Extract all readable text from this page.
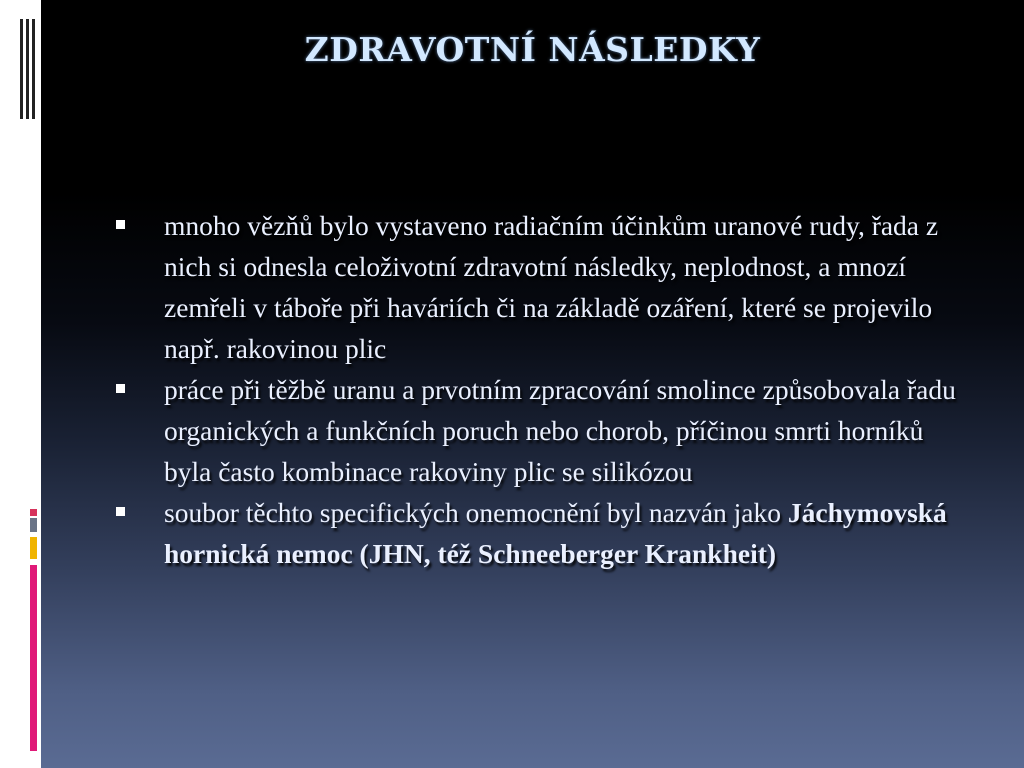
ZDRAVOTNÍ NÁSLEDKY
mnoho vězňů bylo vystaveno radiačním účinkům uranové rudy, řada z nich si odnesla celoživotní zdravotní následky, neplodnost, a mnozí zemřeli v táboře při haváriích či na základě ozáření, které se projevilo např. rakovinou plic
práce při těžbě uranu a prvotním zpracování smolince způsobovala řadu organických a funkčních poruch nebo chorob, příčinou smrti horníků byla často kombinace rakoviny plic se silikózou
soubor těchto specifických onemocnění byl nazván jako Jáchymovská hornická nemoc (JHN, též Schneeberger Krankheit)
